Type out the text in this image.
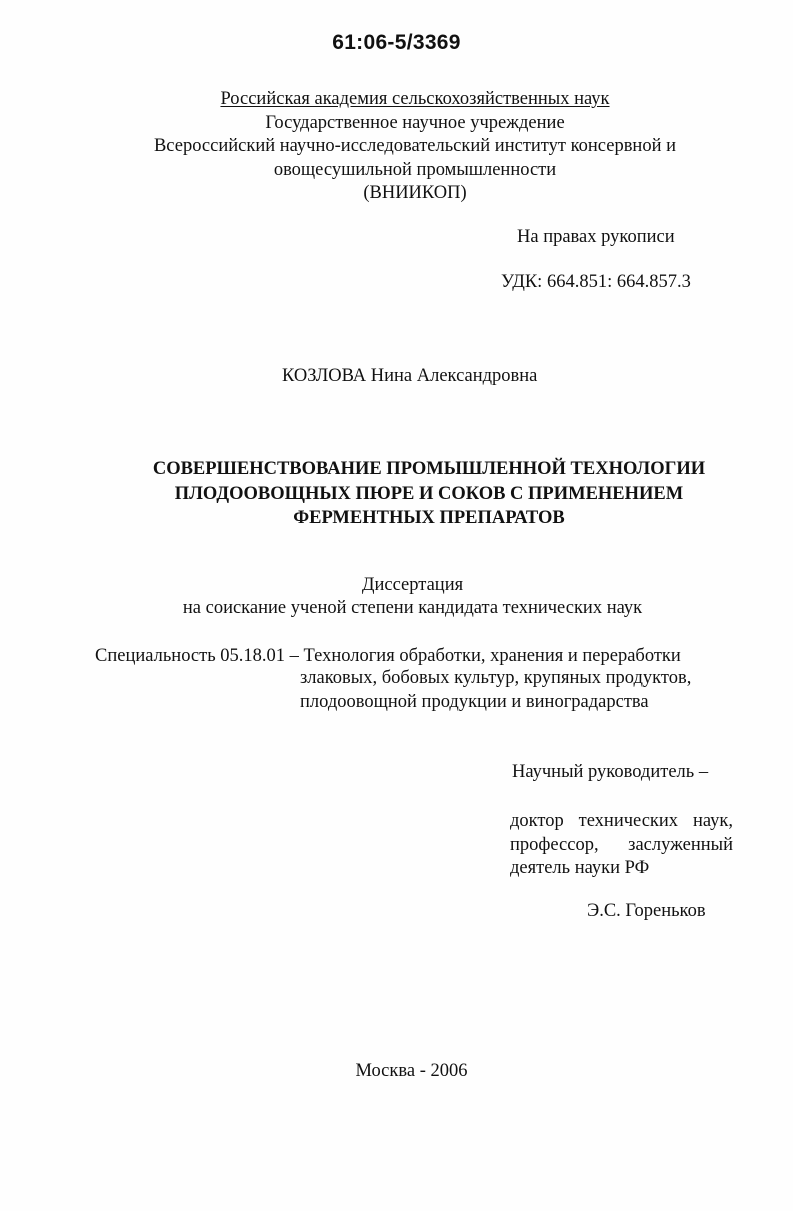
61:06-5/3369
Российская академия сельскохозяйственных наук
Государственное научное учреждение
Всероссийский научно-исследовательский институт консервной и
овощесушильной промышленности
(ВНИИКОП)
На правах рукописи
УДК: 664.851: 664.857.3
КОЗЛОВА Нина Александровна
СОВЕРШЕНСТВОВАНИЕ ПРОМЫШЛЕННОЙ ТЕХНОЛОГИИ
ПЛОДООВОЩНЫХ ПЮРЕ И СОКОВ С ПРИМЕНЕНИЕМ
ФЕРМЕНТНЫХ ПРЕПАРАТОВ
Диссертация
на соискание ученой степени кандидата технических наук
Специальность 05.18.01 – Технология обработки, хранения и переработки
злаковых, бобовых культур, крупяных продуктов,
плодоовощной продукции и виноградарства
Научный руководитель –
доктор технических наук,
профессор, заслуженный
деятель науки РФ
Э.С. Гореньков
Москва - 2006
